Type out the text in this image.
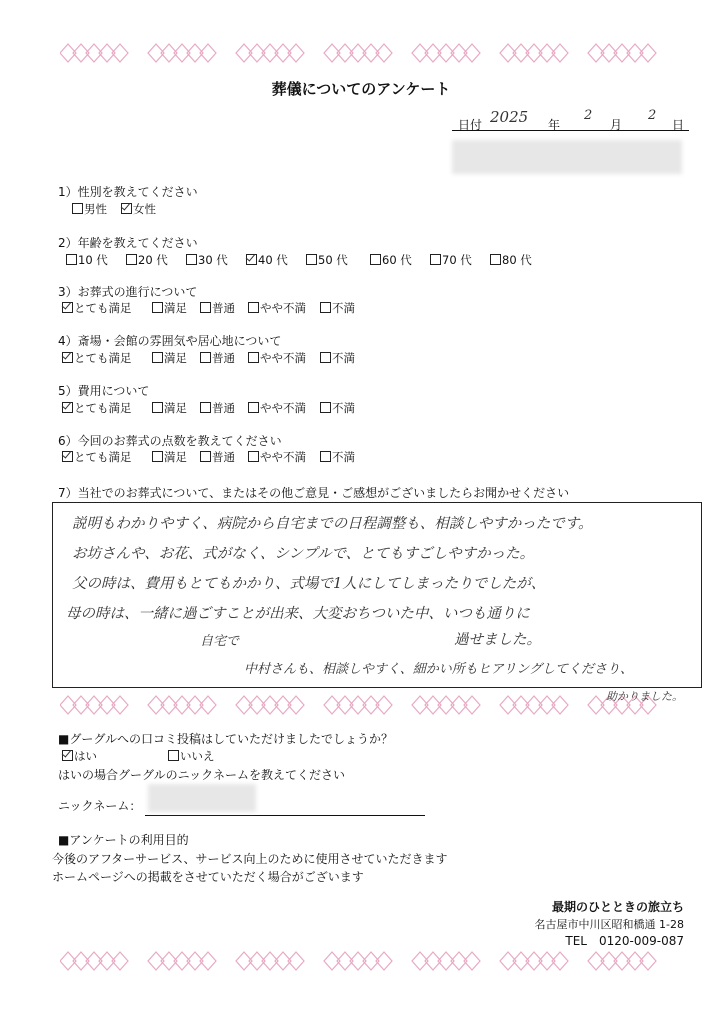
葬儀についてのアンケート
日付 2025 年
2
月
2
日
1）性別を教えてください
男性	女性
2）年齢を教えてください
10 代	20 代	30 代	40 代	50 代	60 代	70 代	80 代
3）お葬式の進行について
とても満足	満足	普通	やや不満	不満
4）斎場・会館の雰囲気や居心地について
とても満足	満足	普通	やや不満	不満
5）費用について
とても満足	満足	普通	やや不満	不満
6）今回のお葬式の点数を教えてください
とても満足	満足	普通	やや不満	不満
7）当社でのお葬式について、またはその他ご意見・ご感想がございましたらお聞かせください
説明もわかりやすく、病院から自宅までの日程調整も、相談しやすかったです。
お坊さんや、お花、式がなく、シンプルで、とてもすごしやすかった。
父の時は、費用もとてもかかり、式場で1人にしてしまったりでしたが、
母の時は、一緒に過ごすことが出来、大変おちついた中、いつも通りに
自宅で	過せました。
中村さんも、相談しやすく、細かい所もヒアリングしてくださり、
助かりました。
■グーグルへの口コミ投稿はしていただけましたでしょうか？
はい	いいえ
はいの場合グーグルのニックネームを教えてください
ニックネーム：
■アンケートの利用目的
今後のアフターサービス、サービス向上のために使用させていただきます
ホームページへの掲載をさせていただく場合がございます
最期のひとときの旅立ち
名古屋市中川区昭和橋通 1-28
TEL　0120-009-087
